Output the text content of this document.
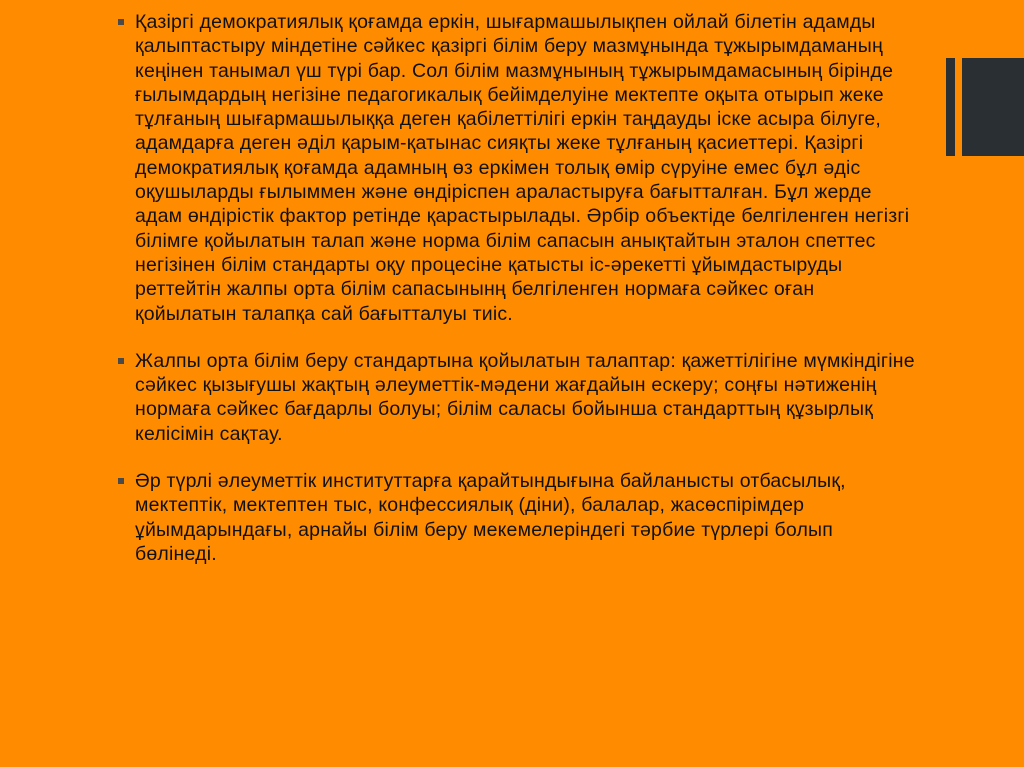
Қазіргі демократиялық қоғамда еркін, шығармашылықпен ойлай білетін адамды қалыптастыру міндетіне сәйкес қазіргі білім беру мазмұнында тұжырымдаманың кеңінен танымал үш түрі бар. Сол білім мазмұнының тұжырымдамасының бірінде ғылымдардың негізіне педагогикалық бейімделуіне мектепте оқыта отырып жеке тұлғаның шығармашылыққа деген қабілеттілігі еркін таңдауды іске асыра білуге, адамдарға деген әділ қарым-қатынас сияқты жеке тұлғаның қасиеттері. Қазіргі демократиялық қоғамда адамның өз еркімен толық өмір сүруіне емес бұл әдіс оқушыларды ғылыммен және өндіріспен араластыруға бағытталған. Бұл жерде адам өндірістік фактор ретінде қарастырылады. Әрбір объектіде белгіленген негізгі білімге қойылатын талап және норма білім сапасын анықтайтын эталон спеттес негізінен білім стандарты оқу процесіне қатысты іс-әрекетті ұйымдастыруды реттейтін жалпы орта білім сапасынынң белгіленген нормаға сәйкес оған қойылатын талапқа сай бағытталуы тиіс.
Жалпы орта білім беру стандартына қойылатын талаптар: қажеттілігіне мүмкіндігіне сәйкес қызығушы жақтың әлеуметтік-мәдени жағдайын ескеру; соңғы нәтиженің нормаға сәйкес бағдарлы болуы; білім саласы бойынша стандарттың құзырлық келісімін сақтау.
Әр түрлі әлеуметтік институттарға қарайтындығына байланысты отбасылық, мектептік, мектептен тыс, конфессиялық (діни), балалар, жасөспірімдер ұйымдарындағы, арнайы білім беру мекемелеріндегі тәрбие түрлері болып бөлінеді.
